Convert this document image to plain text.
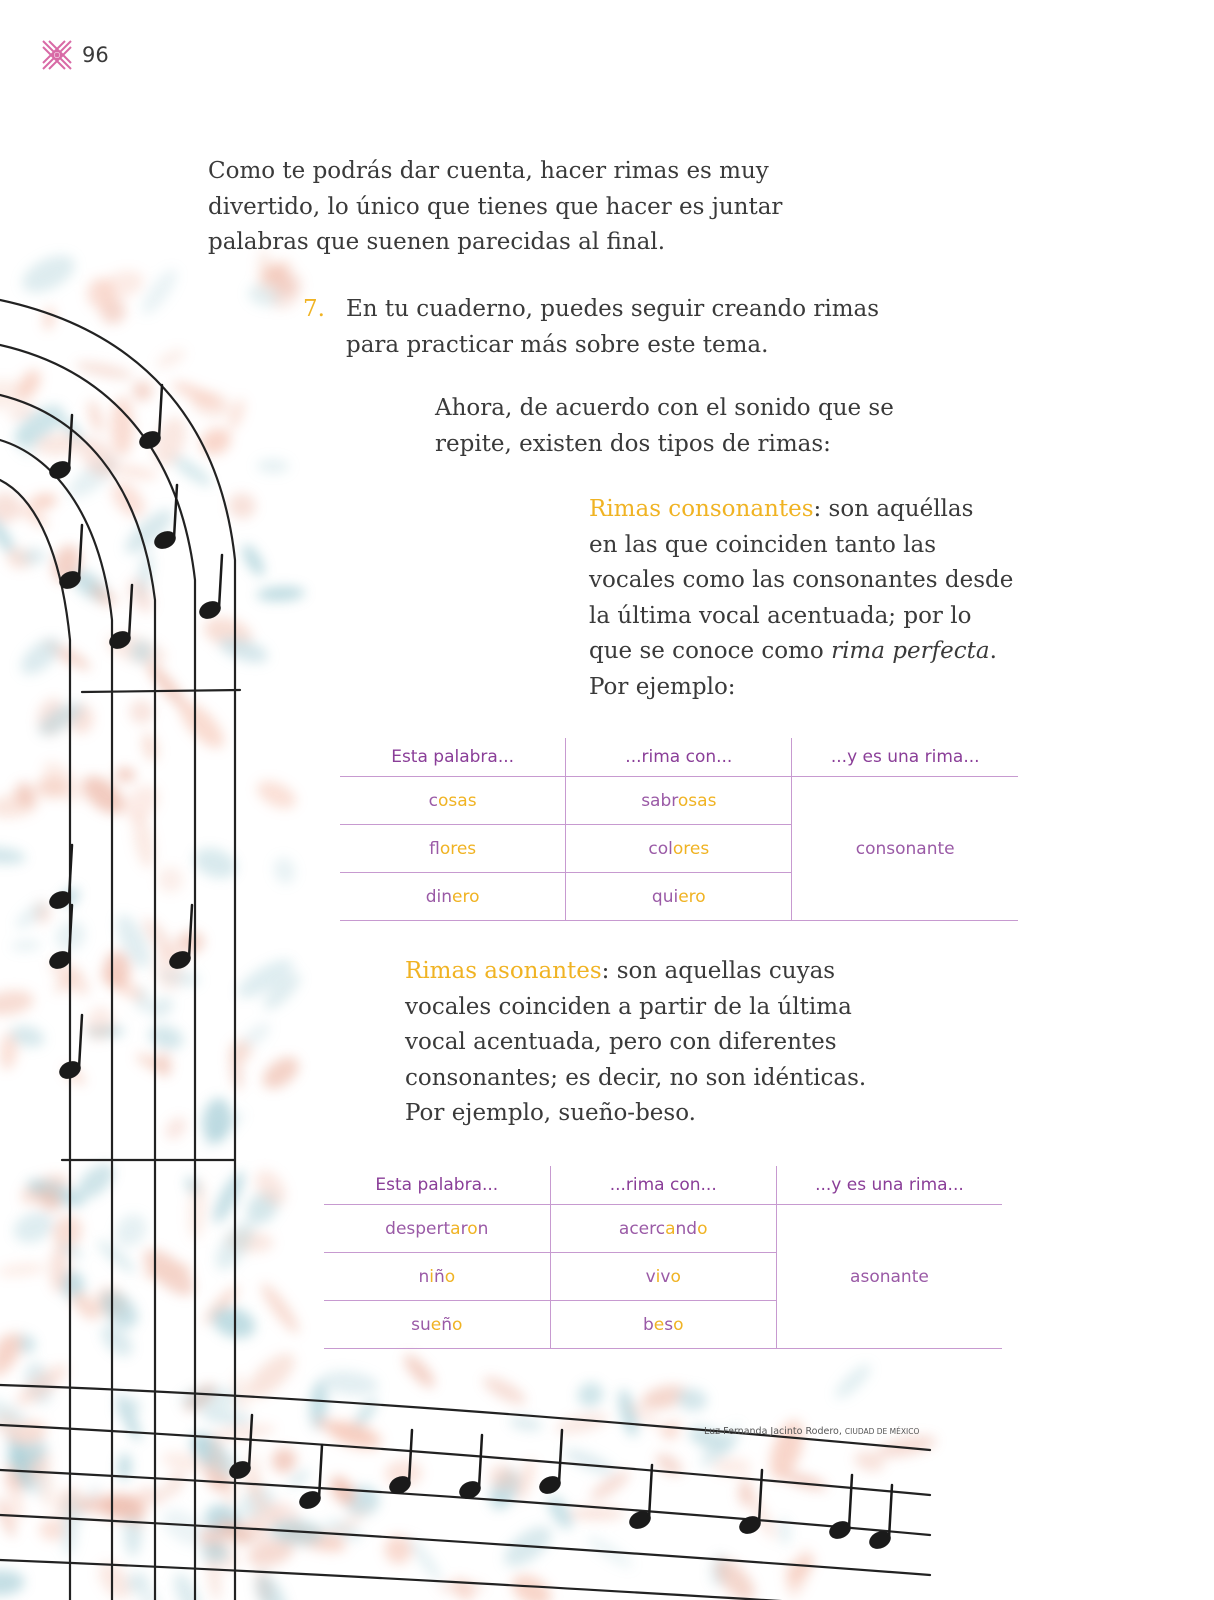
96

Como te podrás dar cuenta, hacer rimas es muy

divertido, lo único que tienes que hacer es juntar

palabras que suenen parecidas al final.

7. En tu cuaderno, puedes seguir creando rimas

para practicar más sobre este tema.

Ahora, de acuerdo con el sonido que se

repite, existen dos tipos de rimas:

Rimas consonantes: son aquéllas

en las que coinciden tanto las

vocales como las consonantes desde

la última vocal acentuada; por lo

que se conoce como rima perfecta.

Por ejemplo:

Esta palabra...	...rima con...	...y es una rima...
cosas	sabrosas	consonante
flores	colores	
dinero	quiero	

Rimas asonantes: son aquellas cuyas

vocales coinciden a partir de la última

vocal acentuada, pero con diferentes

consonantes; es decir, no son idénticas.

Por ejemplo, sueño-beso.

Esta palabra...	...rima con...	...y es una rima...
despertaron	acercando	asonante
niño	vivo	
sueño	beso	
Luz Fernanda Jacinto Rodero, CIUDAD DE MÉXICO
